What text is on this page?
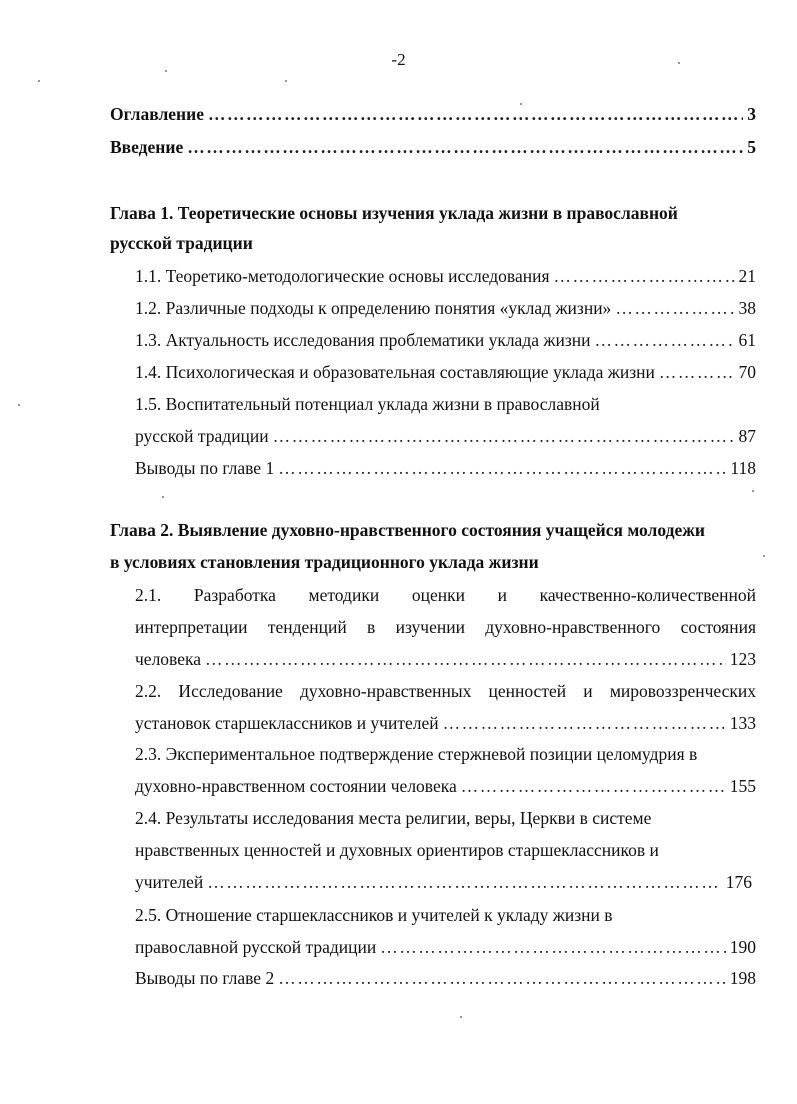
-2
Оглавление …………………………………………………………………………………………………………………………………………………………………………	3
Введение …………………………………………………………………………………………………………………………………………………………………………	5
Глава 1. Теоретические основы изучения уклада жизни в православной
русской традиции
1.1. Теоретико-методологические основы исследования …………………………………………………………………………………………………………………………………………………………………………	21
1.2. Различные подходы к определению понятия «уклад жизни» …………………………………………………………………………………………………………………………………………………………………………	38
1.3. Актуальность исследования проблематики уклада жизни …………………………………………………………………………………………………………………………………………………………………………	61
1.4. Психологическая и образовательная составляющие уклада жизни …………………………………………………………………………………………………………………………………………………………………………	70
1.5. Воспитательный потенциал уклада жизни в православной
русской традиции …………………………………………………………………………………………………………………………………………………………………………	87
Выводы по главе 1 …………………………………………………………………………………………………………………………………………………………………………	118
Глава 2. Выявление духовно-нравственного состояния учащейся молодежи
в условиях становления традиционного уклада жизни
2.1. Разработка методики оценки и качественно-количественной
интерпретации тенденций в изучении духовно-нравственного состояния
человека …………………………………………………………………………………………………………………………………………………………………………	123
2.2. Исследование духовно-нравственных ценностей и мировоззренческих
установок старшеклассников и учителей …………………………………………………………………………………………………………………………………………………………………………	133
2.3. Экспериментальное подтверждение стержневой позиции целомудрия в
духовно-нравственном состоянии человека …………………………………………………………………………………………………………………………………………………………………………	155
2.4. Результаты исследования места религии, веры, Церкви в системе
нравственных ценностей и духовных ориентиров старшеклассников и
учителей …………………………………………………………………………………………………………………………………………………………………………	176
2.5. Отношение старшеклассников и учителей к укладу жизни в
православной русской традиции …………………………………………………………………………………………………………………………………………………………………………	190
Выводы по главе 2 …………………………………………………………………………………………………………………………………………………………………………	198
